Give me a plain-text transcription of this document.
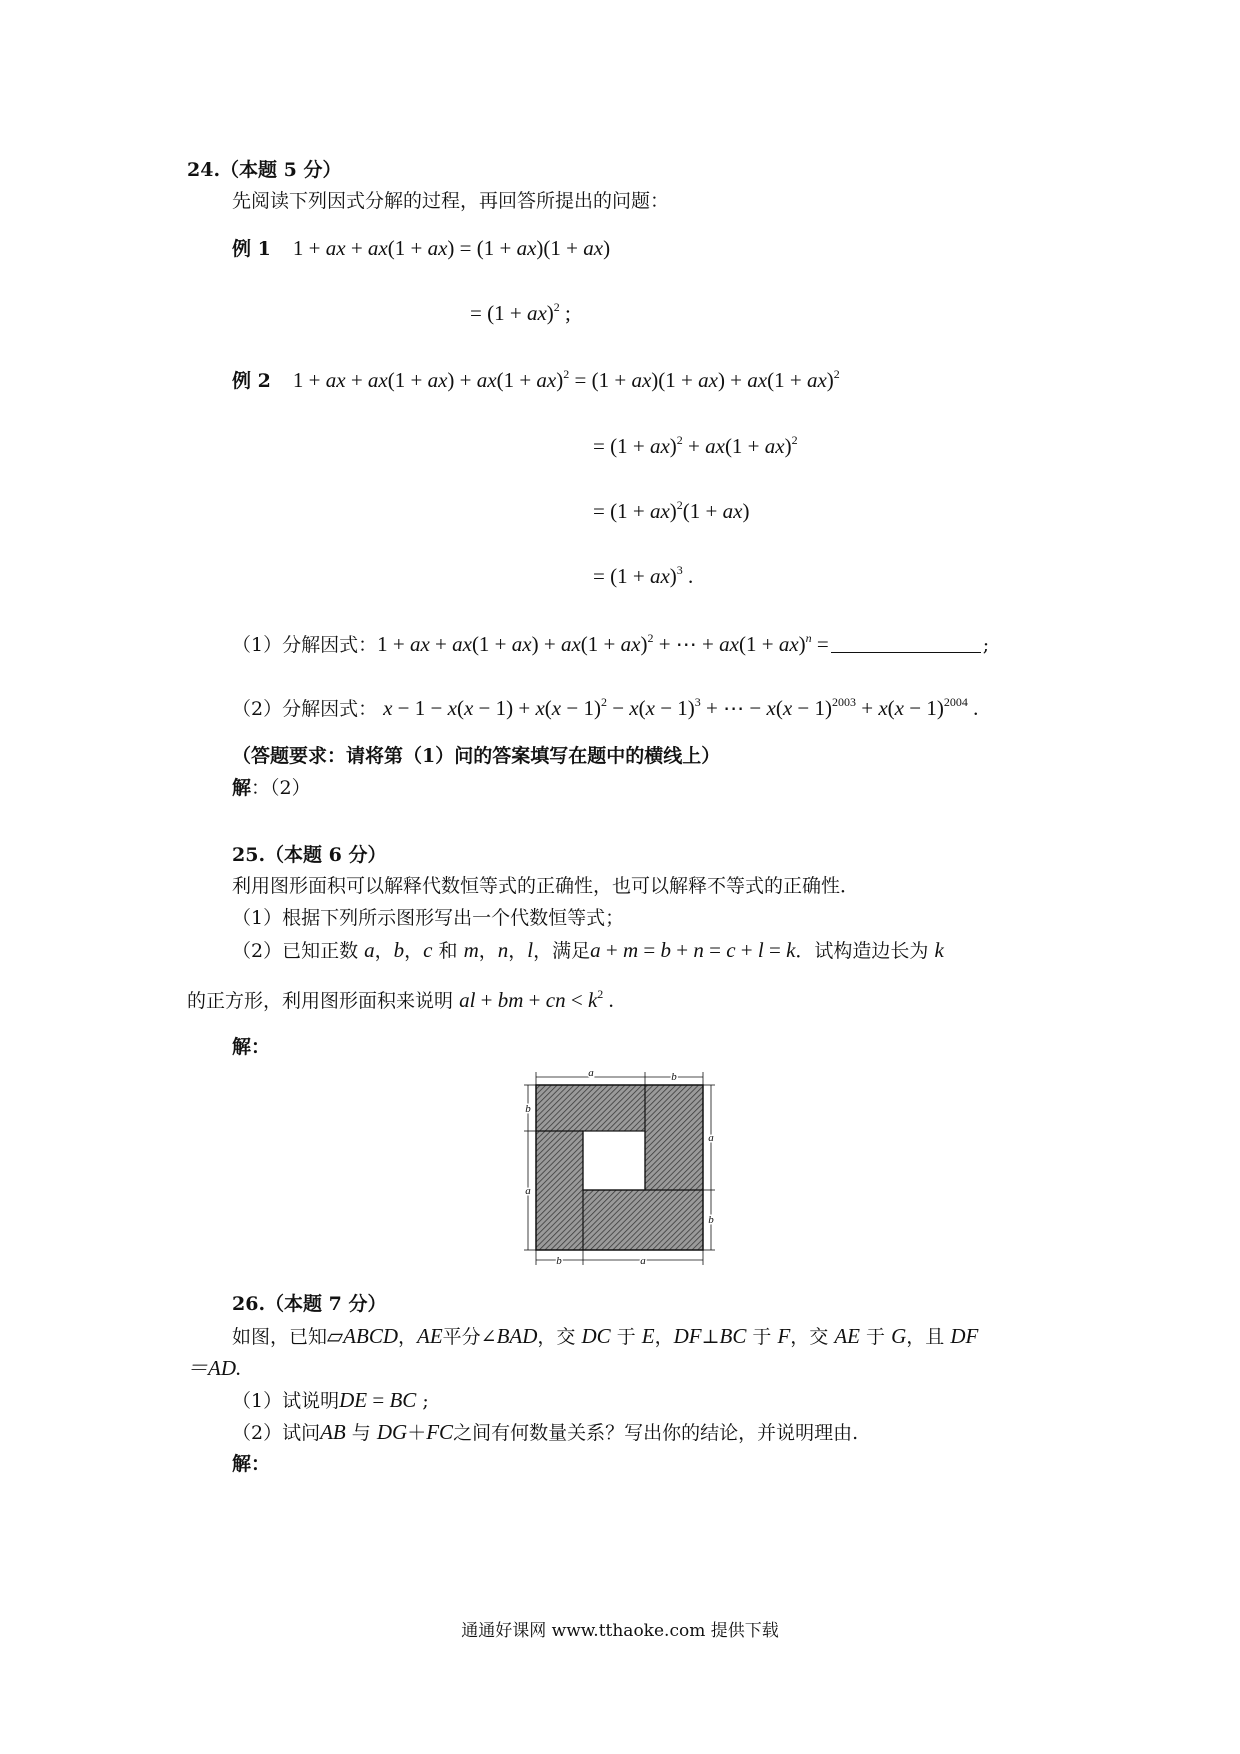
24.（本题 5 分）
先阅读下列因式分解的过程，再回答所提出的问题：
例 1 1 + ax + ax(1 + ax) = (1 + ax)(1 + ax)
= (1 + ax)$^2$ ;
例 2 1 + ax + ax(1 + ax) + ax(1 + ax)$^2$ = (1 + ax)(1 + ax) + ax(1 + ax)$^2$
= (1 + ax)$^2$ + ax(1 + ax)$^2$
= (1 + ax)$^2$(1 + ax)
= (1 + ax)$^3$ .
（1）分解因式：1 + ax + ax(1 + ax) + ax(1 + ax)$^2$ + ⋯ + ax(1 + ax)$^n$ =	;
（2）分解因式： $x - 1 - x(x - 1) + x(x - 1)^2 - x(x - 1)^3$ + ⋯ − $x(x - 1)^{2003} + x(x - 1)^{2004}$ .
（答题要求：请将第（1）问的答案填写在题中的横线上）
解：（2）
25.（本题 6 分）
利用图形面积可以解释代数恒等式的正确性，也可以解释不等式的正确性．
（1）根据下列所示图形写出一个代数恒等式；
（2）已知正数 a，b，c 和 m，n，l，满足a + m = b + n = c + l = k．试构造边长为 k
的正方形，利用图形面积来说明 al + bm + cn < $k^2$ .
解：
a	b
b
a
a
b
b	a
26.（本题 7 分）
如图，已知▱ABCD，AE平分∠BAD，交 DC 于 E，DF⊥BC 于 F，交 AE 于 G，且 DF
＝AD.
（1）试说明DE = BC ;
（2）试问AB 与 DG＋FC之间有何数量关系？写出你的结论，并说明理由.
解：
通通好课网 www.tthaoke.com 提供下载
